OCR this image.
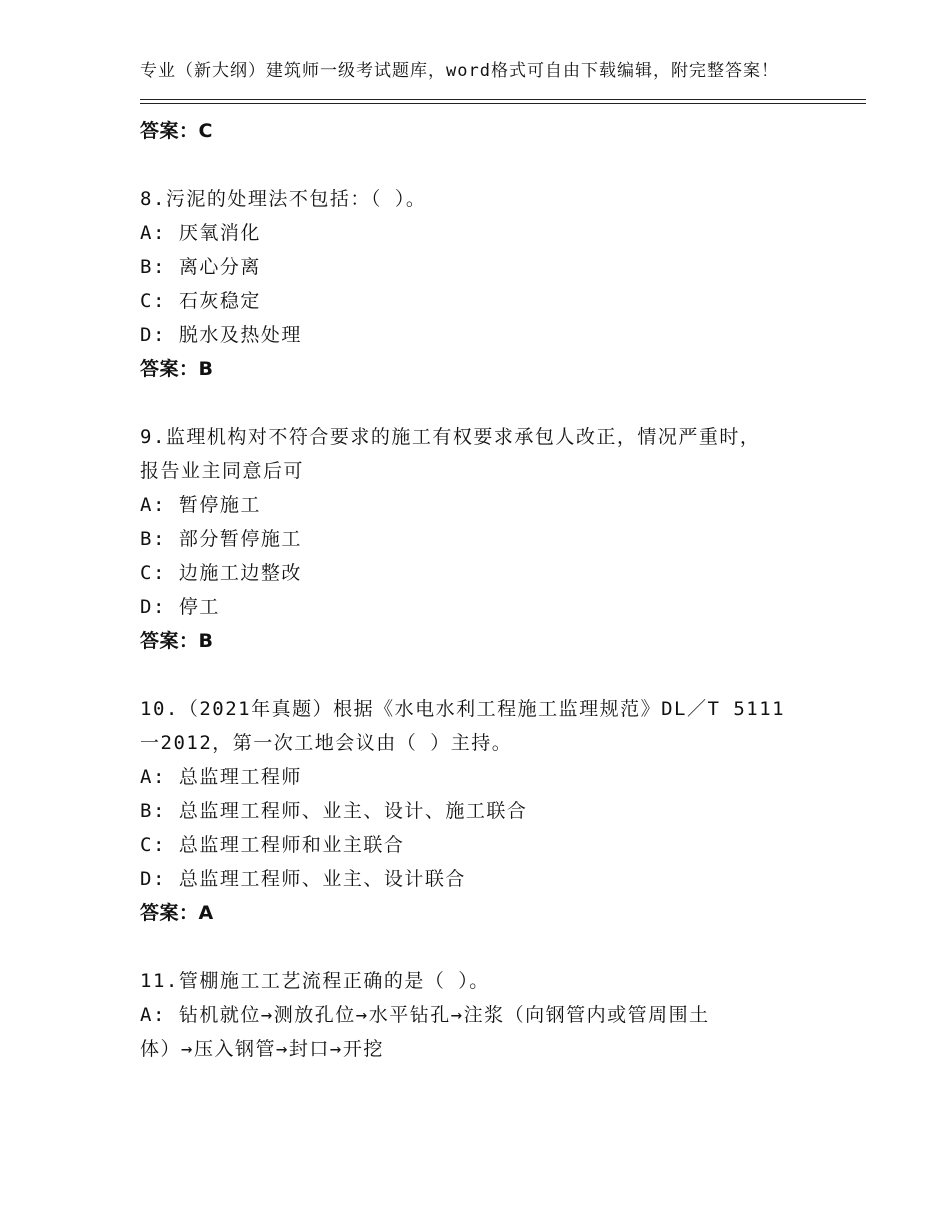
专业（新大纲）建筑师一级考试题库，word格式可自由下载编辑，附完整答案！
答案：C
8.污泥的处理法不包括：（ ）。
A: 厌氧消化
B: 离心分离
C: 石灰稳定
D: 脱水及热处理
答案：B
9.监理机构对不符合要求的施工有权要求承包人改正，情况严重时，
报告业主同意后可
A: 暂停施工
B: 部分暂停施工
C: 边施工边整改
D: 停工
答案：B
10.（2021年真题）根据《水电水利工程施工监理规范》DL／T 5111
一2012，第一次工地会议由（ ）主持。
A: 总监理工程师
B: 总监理工程师、业主、设计、施工联合
C: 总监理工程师和业主联合
D: 总监理工程师、业主、设计联合
答案：A
11.管棚施工工艺流程正确的是（ ）。
A: 钻机就位→测放孔位→水平钻孔→注浆（向钢管内或管周围土
体）→压入钢管→封口→开挖
